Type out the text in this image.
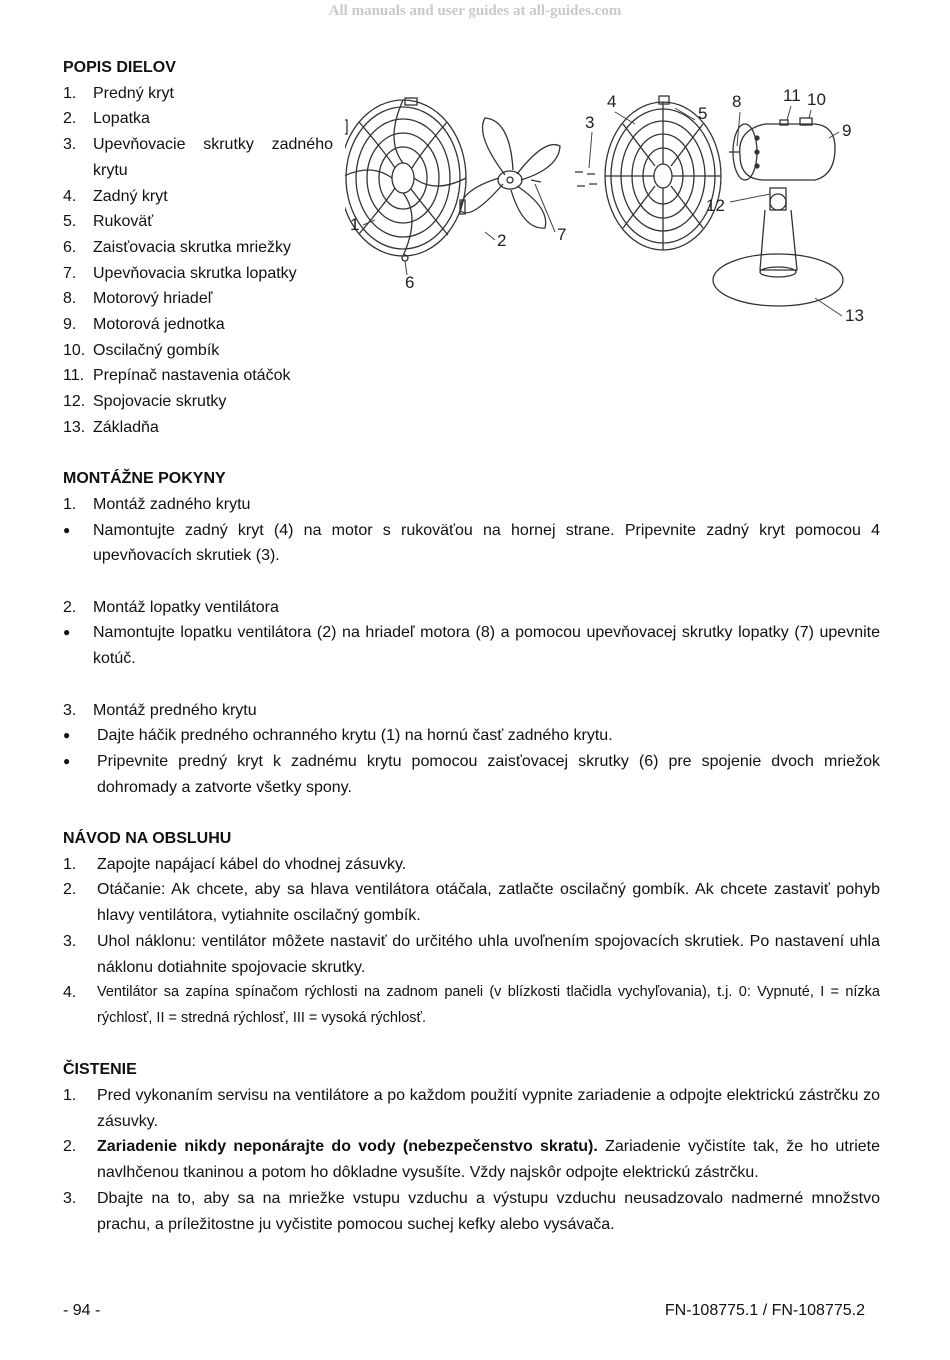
All manuals and user guides at all-guides.com
POPIS DIELOV
1.	Predný kryt
2.	Lopatka
3.	Upevňovacie skrutky zadného krytu
4.	Zadný kryt
5.	Rukoväť
6.	Zaisťovacia skrutka mriežky
7.	Upevňovacia skrutka lopatky
8.	Motorový hriadeľ
9.	Motorová jednotka
10. Oscilačný gombík
11. Prepínač nastavenia otáčok
12. Spojovacie skrutky
13. Základňa
MONTÁŽNE POKYNY
1.	Montáž zadného krytu
●	Namontujte zadný kryt (4) na motor s rukoväťou na hornej strane. Pripevnite zadný kryt pomocou 4 upevňovacích skrutiek (3).
2.	Montáž lopatky ventilátora
●	Namontujte lopatku ventilátora (2) na hriadeľ motora (8) a pomocou upevňovacej skrutky lopatky (7) upevnite kotúč.
3.	Montáž predného krytu
●	Dajte háčik predného ochranného krytu (1) na hornú časť zadného krytu.
●	Pripevnite predný kryt k zadnému krytu pomocou zaisťovacej skrutky (6) pre spojenie dvoch mriežok dohromady a zatvorte všetky spony.
NÁVOD NA OBSLUHU
1.	Zapojte napájací kábel do vhodnej zásuvky.
2.	Otáčanie: Ak chcete, aby sa hlava ventilátora otáčala, zatlačte oscilačný gombík. Ak chcete zastaviť pohyb hlavy ventilátora, vytiahnite oscilačný gombík.
3.	Uhol náklonu: ventilátor môžete nastaviť do určitého uhla uvoľnením spojovacích skrutiek. Po nastavení uhla náklonu dotiahnite spojovacie skrutky.
4.	Ventilátor sa zapína spínačom rýchlosti na zadnom paneli (v blízkosti tlačidla vychyľovania), t.j. 0: Vypnuté, I = nízka rýchlosť, II = stredná rýchlosť, III = vysoká rýchlosť.
ČISTENIE
1.	Pred vykonaním servisu na ventilátore a po každom použití vypnite zariadenie a odpojte elektrickú zástrčku zo zásuvky.
2.	Zariadenie nikdy neponárajte do vody (nebezpečenstvo skratu). Zariadenie vyčistíte tak, že ho utriete navlhčenou tkaninou a potom ho dôkladne vysušíte. Vždy najskôr odpojte elektrickú zástrčku.
3.	Dbajte na to, aby sa na mriežke vstupu vzduchu a výstupu vzduchu neusadzovalo nadmerné množstvo prachu, a príležitostne ju vyčistite pomocou suchej kefky alebo vysávača.
1
2
3
4
5
6
7
8
9
10
11
12
13
- 94 -	FN-108775.1 / FN-108775.2
